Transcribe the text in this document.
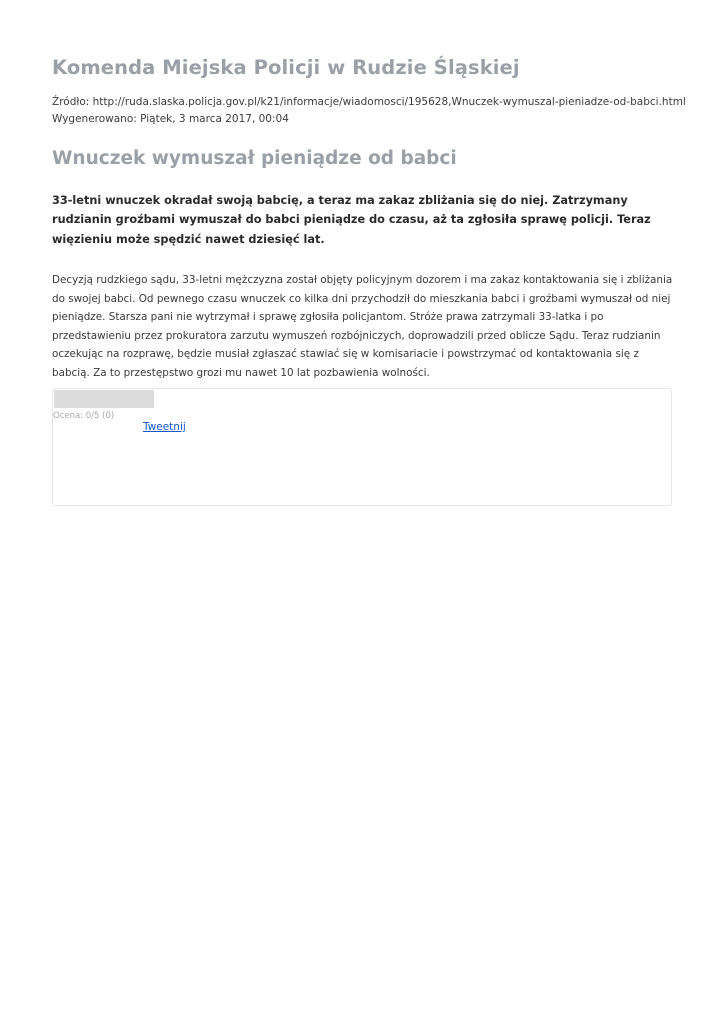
Komenda Miejska Policji w Rudzie Śląskiej
Źródło: http://ruda.slaska.policja.gov.pl/k21/informacje/wiadomosci/195628,Wnuczek-wymuszal-pieniadze-od-babci.html
Wygenerowano: Piątek, 3 marca 2017, 00:04
Wnuczek wymuszał pieniądze od babci

33-letni wnuczek okradał swoją babcię, a teraz ma zakaz zbliżania się do niej. Zatrzymany rudzianin groźbami wymuszał do babci pieniądze do czasu, aż ta zgłosiła sprawę policji. Teraz więzieniu może spędzić nawet dziesięć lat.

Decyzją rudzkiego sądu, 33-letni mężczyzna został objęty policyjnym dozorem i ma zakaz kontaktowania się i zbliżania do swojej babci. Od pewnego czasu wnuczek co kilka dni przychodził do mieszkania babci i groźbami wymuszał od niej pieniądze. Starsza pani nie wytrzymał i sprawę zgłosiła policjantom. Stróże prawa zatrzymali 33-latka i po przedstawieniu przez prokuratora zarzutu wymuszeń rozbójniczych, doprowadzili przed oblicze Sądu. Teraz rudzianin oczekując na rozprawę, będzie musiał zgłaszać stawiać się w komisariacie i powstrzymać od kontaktowania się z babcią. Za to przestępstwo grozi mu nawet 10 lat pozbawienia wolności.

Ocena: 0/5 (0)
Tweetnij
